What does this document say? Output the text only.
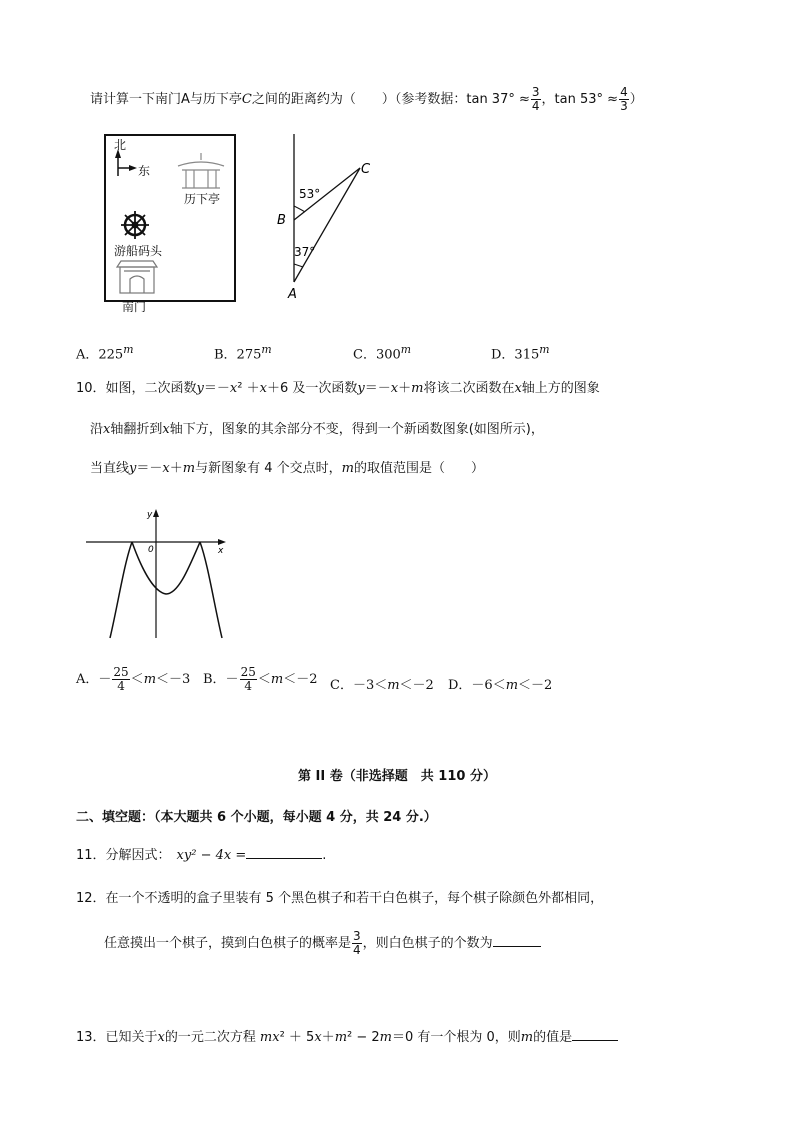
请计算一下南门A与历下亭C之间的距离约为（　　）（参考数据：$\tan 37^\circ \approx \frac{3}{4}$ ，$\tan 53^\circ \approx \frac{4}{3}$ ）
北
东
历下亭
游船码头
南门
C
B
A
53°
37°
A．225$^m$	B．275$^m$	C．300$^m$	D．315$^m$
10．如图，二次函数y＝－x² ＋x＋6 及一次函数y＝－x＋m将该二次函数在x轴上方的图象
沿x轴翻折到x轴下方，图象的其余部分不变，得到一个新函数图象(如图所示)，
当直线y＝－x＋m与新图象有 4 个交点时，m的取值范围是（　　）
y
0	x
A．－ $\frac{25}{4} <m<-3$ B．－ $\frac{25}{4} <m<-2$ C．－3＜m＜－2 D．－6＜m＜－2
第 II 卷（非选择题　共 110 分）
二、填空题：（本大题共 6 个小题，每小题 4 分，共 24 分.）
11．分解因式： xy² − 4x =	.
12．在一个不透明的盒子里装有 5 个黑色棋子和若干白色棋子，每个棋子除颜色外都相同，
任意摸出一个棋子，摸到白色棋子的概率是 $\frac{3}{4}$ ，则白色棋子的个数为
13．已知关于x的一元二次方程 mx² ＋ 5x＋m² − 2m＝0 有一个根为 0，则m的值是
